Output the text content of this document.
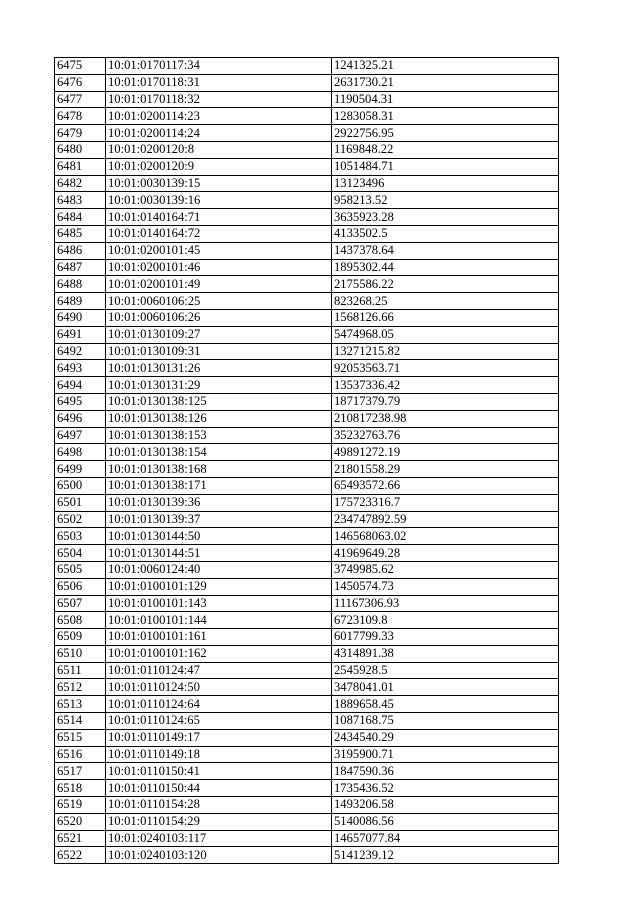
6475	10:01:0170117:34	1241325.21
6476	10:01:0170118:31	2631730.21
6477	10:01:0170118:32	1190504.31
6478	10:01:0200114:23	1283058.31
6479	10:01:0200114:24	2922756.95
6480	10:01:0200120:8	1169848.22
6481	10:01:0200120:9	1051484.71
6482	10:01:0030139:15	13123496
6483	10:01:0030139:16	958213.52
6484	10:01:0140164:71	3635923.28
6485	10:01:0140164:72	4133502.5
6486	10:01:0200101:45	1437378.64
6487	10:01:0200101:46	1895302.44
6488	10:01:0200101:49	2175586.22
6489	10:01:0060106:25	823268.25
6490	10:01:0060106:26	1568126.66
6491	10:01:0130109:27	5474968.05
6492	10:01:0130109:31	13271215.82
6493	10:01:0130131:26	92053563.71
6494	10:01:0130131:29	13537336.42
6495	10:01:0130138:125	18717379.79
6496	10:01:0130138:126	210817238.98
6497	10:01:0130138:153	35232763.76
6498	10:01:0130138:154	49891272.19
6499	10:01:0130138:168	21801558.29
6500	10:01:0130138:171	65493572.66
6501	10:01:0130139:36	175723316.7
6502	10:01:0130139:37	234747892.59
6503	10:01:0130144:50	146568063.02
6504	10:01:0130144:51	41969649.28
6505	10:01:0060124:40	3749985.62
6506	10:01:0100101:129	1450574.73
6507	10:01:0100101:143	11167306.93
6508	10:01:0100101:144	6723109.8
6509	10:01:0100101:161	6017799.33
6510	10:01:0100101:162	4314891.38
6511	10:01:0110124:47	2545928.5
6512	10:01:0110124:50	3478041.01
6513	10:01:0110124:64	1889658.45
6514	10:01:0110124:65	1087168.75
6515	10:01:0110149:17	2434540.29
6516	10:01:0110149:18	3195900.71
6517	10:01:0110150:41	1847590.36
6518	10:01:0110150:44	1735436.52
6519	10:01:0110154:28	1493206.58
6520	10:01:0110154:29	5140086.56
6521	10:01:0240103:117	14657077.84
6522	10:01:0240103:120	5141239.12
